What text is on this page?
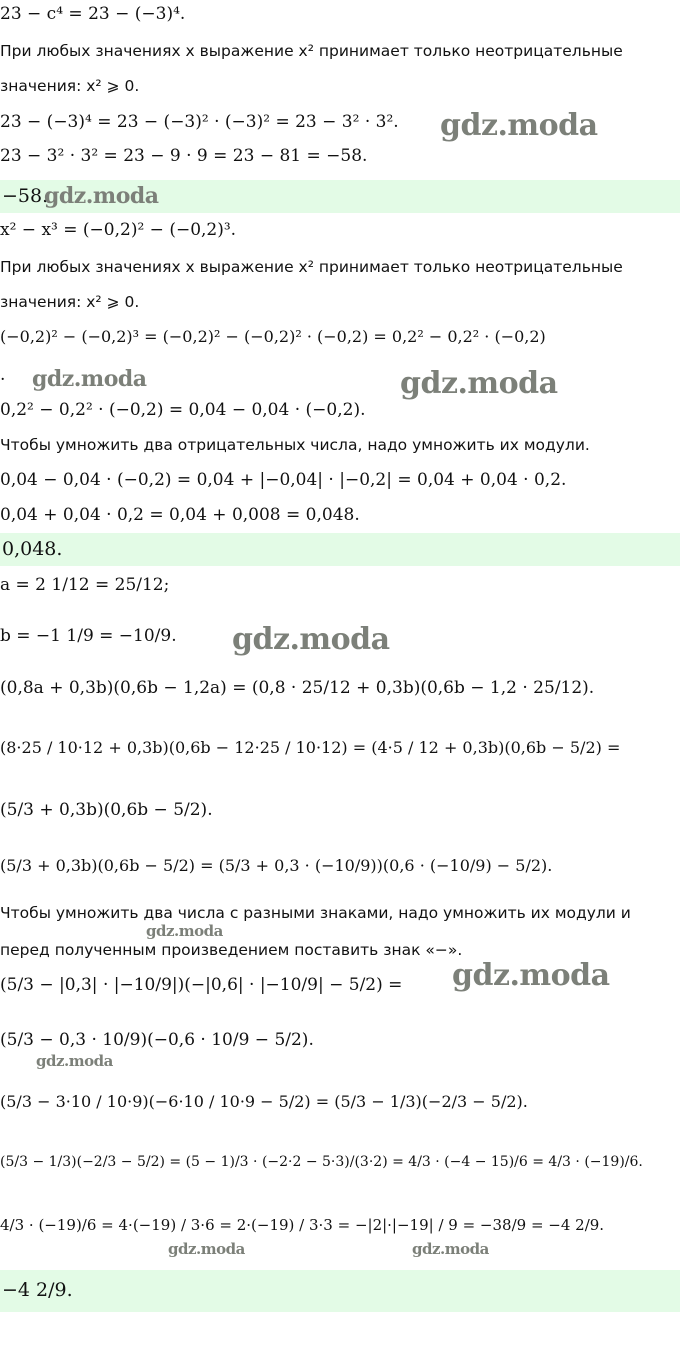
23 − c⁴ = 23 − (−3)⁴.
При любых значениях x выражение x² принимает только неотрицательные
значения: x² ⩾ 0.
23 − (−3)⁴ = 23 − (−3)² · (−3)² = 23 − 3² · 3².
23 − 3² · 3² = 23 − 9 · 9 = 23 − 81 = −58.
gdz.moda
−58.
gdz.moda
x² − x³ = (−0,2)² − (−0,2)³.
При любых значениях x выражение x² принимает только неотрицательные
значения: x² ⩾ 0.
(−0,2)² − (−0,2)³ = (−0,2)² − (−0,2)² · (−0,2) = 0,2² − 0,2² · (−0,2)
. gdz.moda	gdz.moda
0,2² − 0,2² · (−0,2) = 0,04 − 0,04 · (−0,2).
Чтобы умножить два отрицательных числа, надо умножить их модули.
0,04 − 0,04 · (−0,2) = 0,04 + |−0,04| · |−0,2| = 0,04 + 0,04 · 0,2.
0,04 + 0,04 · 0,2 = 0,04 + 0,008 = 0,048.
0,048.
a = 2 1/12 = 25/12;
b = −1 1/9 = −10/9. gdz.moda
(0,8a + 0,3b)(0,6b − 1,2a) = (0,8 · 25/12 + 0,3b)(0,6b − 1,2 · 25/12).
(8·25 / 10·12 + 0,3b)(0,6b − 12·25 / 10·12) = (4·5 / 12 + 0,3b)(0,6b − 5/2) =
(5/3 + 0,3b)(0,6b − 5/2).
(5/3 + 0,3b)(0,6b − 5/2) = (5/3 + 0,3 · (−10/9))(0,6 · (−10/9) − 5/2).
Чтобы умножить два числа с разными знаками, надо умножить их модули и
gdz.moda
перед полученным произведением поставить знак «−».
(5/3 − |0,3| · |−10/9|)(−|0,6| · |−10/9| − 5/2) = gdz.moda
(5/3 − 0,3 · 10/9)(−0,6 · 10/9 − 5/2).
gdz.moda
(5/3 − 3·10 / 10·9)(−6·10 / 10·9 − 5/2) = (5/3 − 1/3)(−2/3 − 5/2).
(5/3 − 1/3)(−2/3 − 5/2) = (5 − 1)/3 · (−2·2 − 5·3)/(3·2) = 4/3 · (−4 − 15)/6 = 4/3 · (−19)/6.
4/3 · (−19)/6 = 4·(−19) / 3·6 = 2·(−19) / 3·3 = −|2|·|−19| / 9 = −38/9 = −4 2/9.
gdz.moda	gdz.moda
−4 2/9.
